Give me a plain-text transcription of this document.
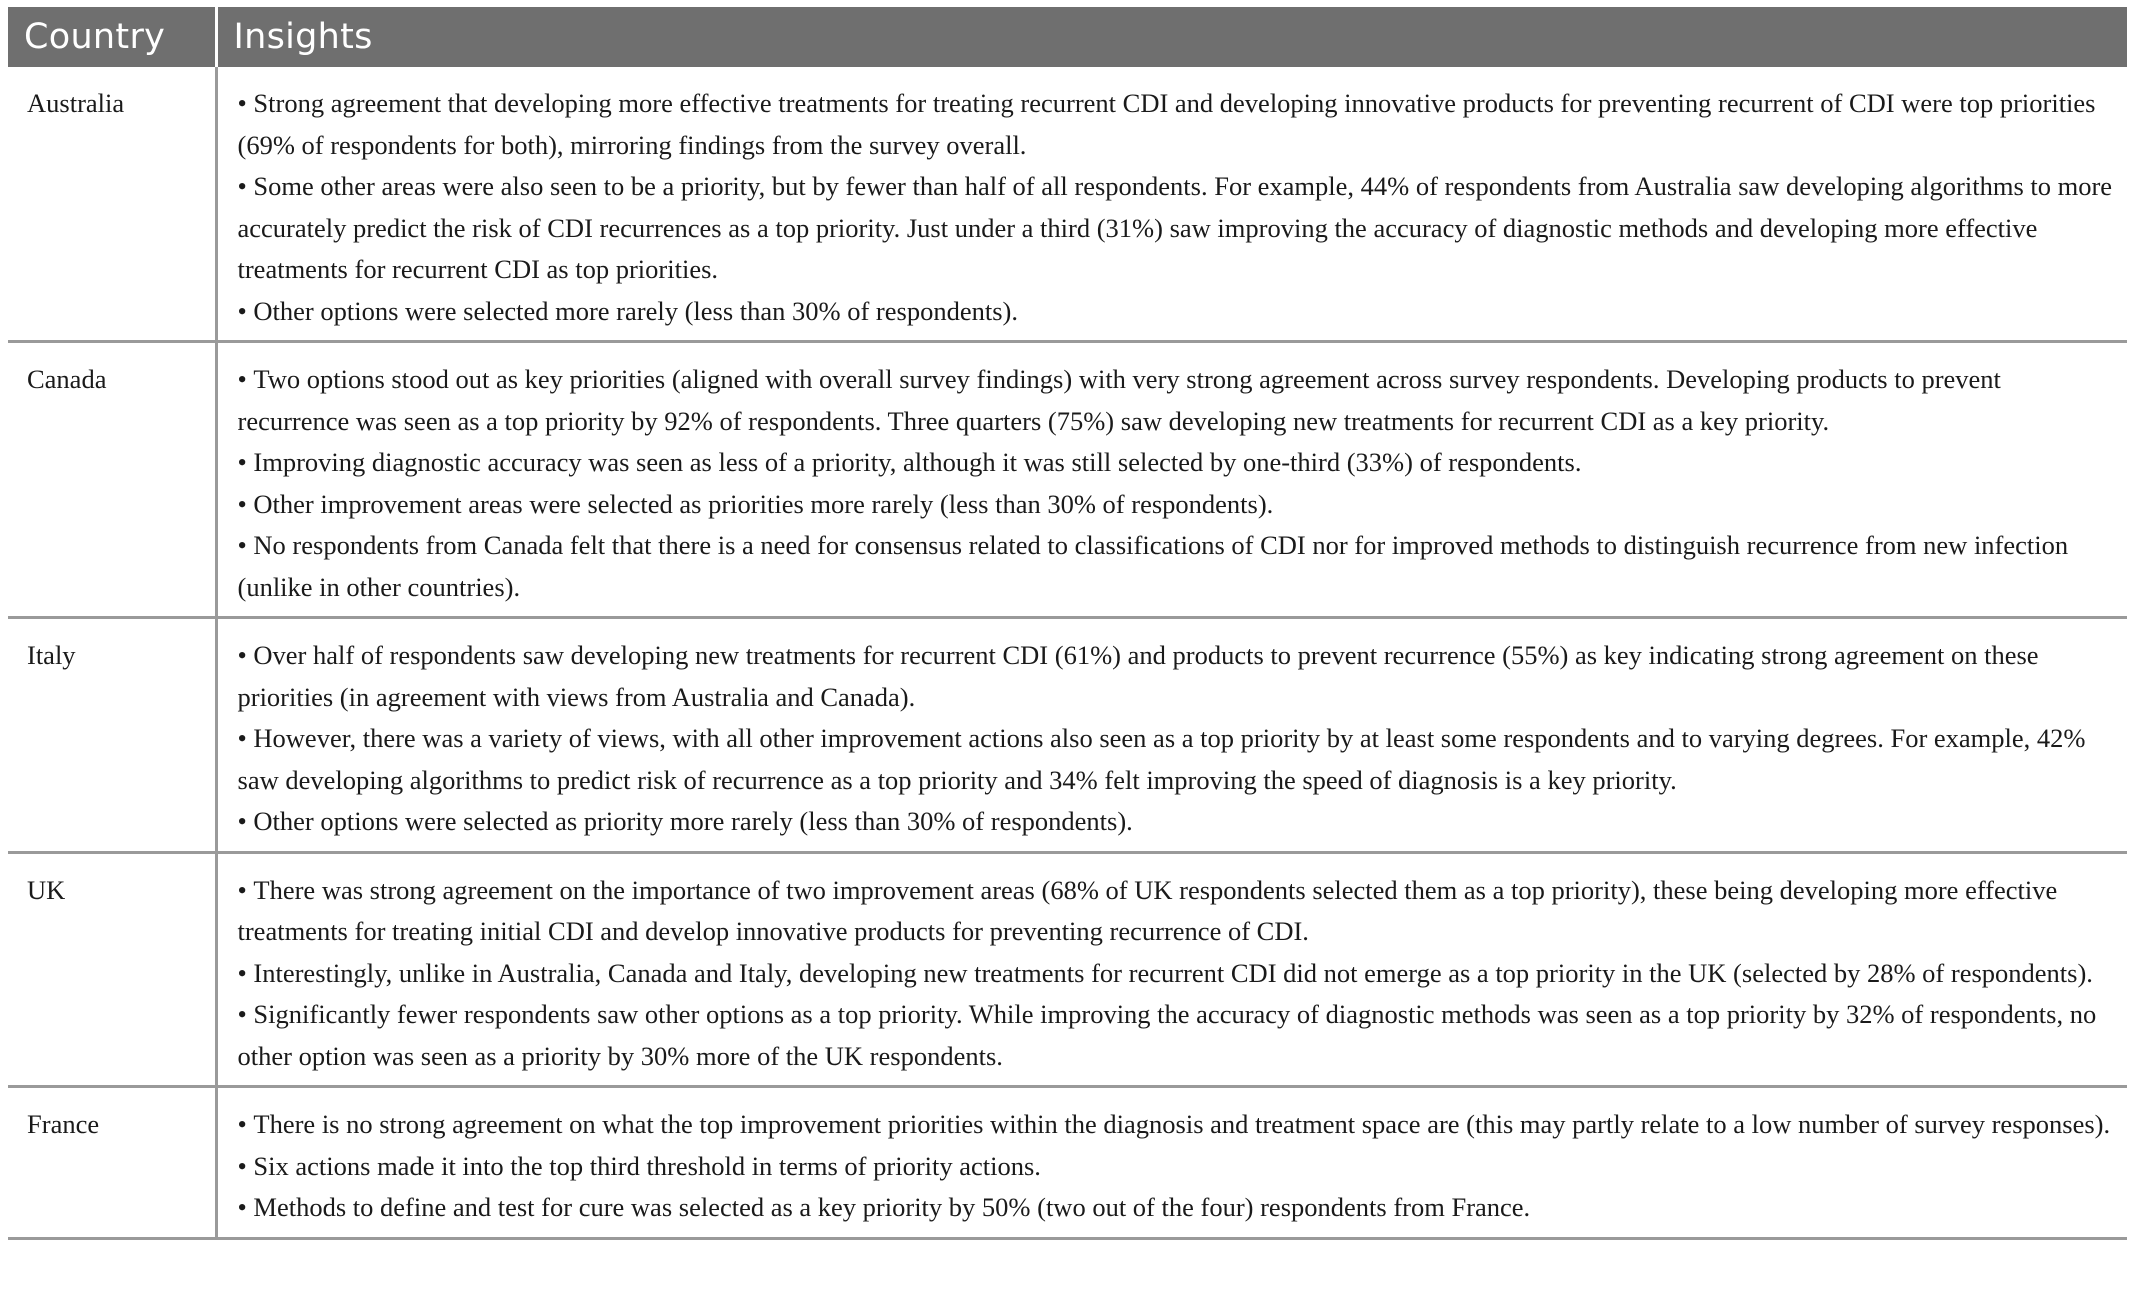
Country	Insights
Australia	• Strong agreement that developing more effective treatments for treating recurrent CDI and developing innovative products for preventing recurrent of CDI were top priorities (69% of respondents for both), mirroring findings from the survey overall.
• Some other areas were also seen to be a priority, but by fewer than half of all respondents. For example, 44% of respondents from Australia saw developing algorithms to more accurately predict the risk of CDI recurrences as a top priority. Just under a third (31%) saw improving the accuracy of diagnostic methods and developing more effective treatments for recurrent CDI as top priorities.
• Other options were selected more rarely (less than 30% of respondents).

Canada	• Two options stood out as key priorities (aligned with overall survey findings) with very strong agreement across survey respondents. Developing products to prevent recurrence was seen as a top priority by 92% of respondents. Three quarters (75%) saw developing new treatments for recurrent CDI as a key priority.
• Improving diagnostic accuracy was seen as less of a priority, although it was still selected by one-third (33%) of respondents.
• Other improvement areas were selected as priorities more rarely (less than 30% of respondents).
• No respondents from Canada felt that there is a need for consensus related to classifications of CDI nor for improved methods to distinguish recurrence from new infection (unlike in other countries).

Italy	• Over half of respondents saw developing new treatments for recurrent CDI (61%) and products to prevent recurrence (55%) as key indicating strong agreement on these priorities (in agreement with views from Australia and Canada).
• However, there was a variety of views, with all other improvement actions also seen as a top priority by at least some respondents and to varying degrees. For example, 42% saw developing algorithms to predict risk of recurrence as a top priority and 34% felt improving the speed of diagnosis is a key priority.
• Other options were selected as priority more rarely (less than 30% of respondents).

UK	• There was strong agreement on the importance of two improvement areas (68% of UK respondents selected them as a top priority), these being developing more effective treatments for treating initial CDI and develop innovative products for preventing recurrence of CDI.
• Interestingly, unlike in Australia, Canada and Italy, developing new treatments for recurrent CDI did not emerge as a top priority in the UK (selected by 28% of respondents).
• Significantly fewer respondents saw other options as a top priority. While improving the accuracy of diagnostic methods was seen as a top priority by 32% of respondents, no other option was seen as a priority by 30% more of the UK respondents.

France	• There is no strong agreement on what the top improvement priorities within the diagnosis and treatment space are (this may partly relate to a low number of survey responses).
• Six actions made it into the top third threshold in terms of priority actions.
• Methods to define and test for cure was selected as a key priority by 50% (two out of the four) respondents from France.
